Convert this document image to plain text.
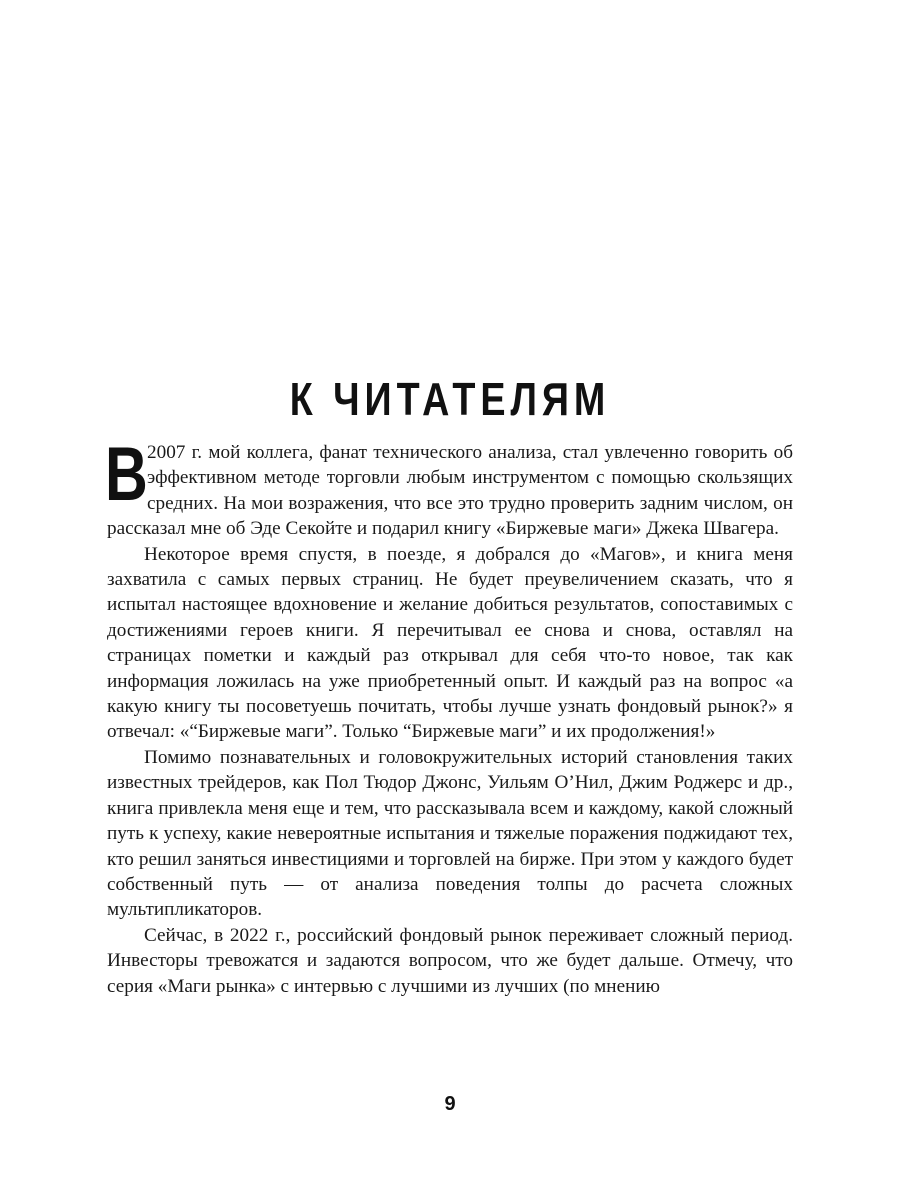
К ЧИТАТЕЛЯМ

В 2007 г. мой коллега, фанат технического анализа, стал увлеченно говорить об эффективном методе торговли любым инструментом с помощью скользящих средних. На мои возражения, что все это трудно проверить задним числом, он рассказал мне об Эде Секойте и подарил книгу «Биржевые маги» Джека Швагера.

Некоторое время спустя, в поезде, я добрался до «Магов», и книга меня захватила с самых первых страниц. Не будет преувеличением сказать, что я испытал настоящее вдохновение и желание добиться результатов, сопоставимых с достижениями героев книги. Я перечитывал ее снова и снова, оставлял на страницах пометки и каждый раз открывал для себя что-то новое, так как информация ложилась на уже приобретенный опыт. И каждый раз на вопрос «а какую книгу ты посоветуешь почитать, чтобы лучше узнать фондовый рынок?» я отвечал: «“Биржевые маги”. Только “Биржевые маги” и их продолжения!»

Помимо познавательных и головокружительных историй становления таких известных трейдеров, как Пол Тюдор Джонс, Уильям О’Нил, Джим Роджерс и др., книга привлекла меня еще и тем, что рассказывала всем и каждому, какой сложный путь к успеху, какие невероятные испытания и тяжелые поражения поджидают тех, кто решил заняться инвестициями и торговлей на бирже. При этом у каждого будет собственный путь — от анализа поведения толпы до расчета сложных мультипликаторов.

Сейчас, в 2022 г., российский фондовый рынок переживает сложный период. Инвесторы тревожатся и задаются вопросом, что же будет дальше. Отмечу, что серия «Маги рынка» с интервью с лучшими из лучших (по мнению

9
